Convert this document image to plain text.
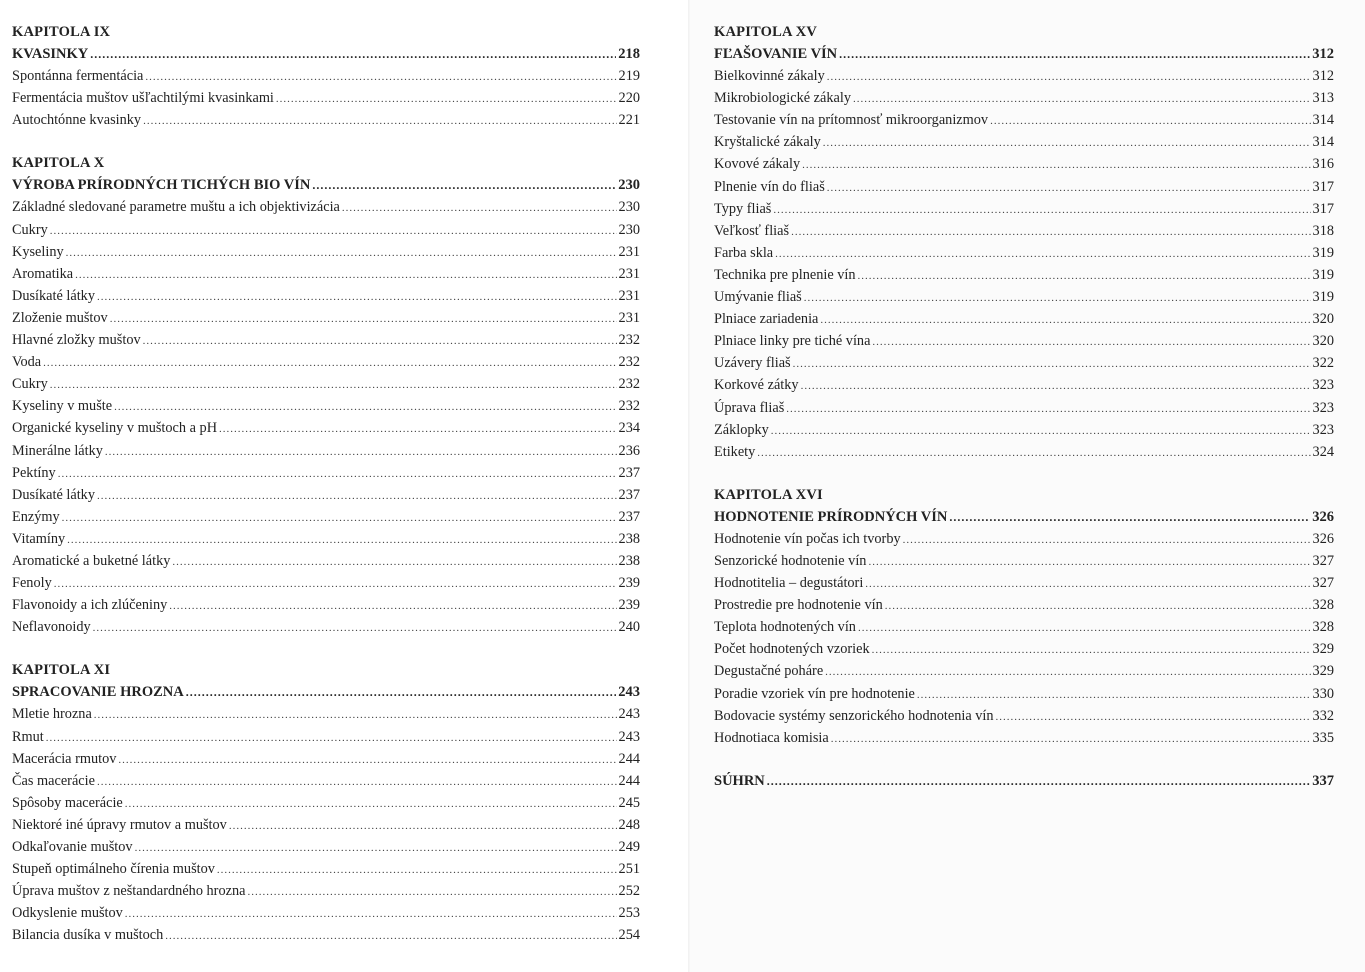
KAPITOLA IX
KVASINKY .....	218
Spontánna fermentácia .....	219
Fermentácia muštov ušľachtilými kvasinkami .....	220
Autochtónne kvasinky .....	221
KAPITOLA X
VÝROBA PRÍRODNÝCH TICHÝCH BIO VÍN .....	230
Základné sledované parametre muštu a ich objektivizácia .....	230
Cukry .....	230
Kyseliny .....	231
Aromatika .....	231
Dusíkaté látky .....	231
Zloženie muštov .....	231
Hlavné zložky muštov .....	232
Voda .....	232
Cukry .....	232
Kyseliny v mušte .....	232
Organické kyseliny v muštoch a pH .....	234
Minerálne látky .....	236
Pektíny .....	237
Dusíkaté látky .....	237
Enzýmy .....	237
Vitamíny .....	238
Aromatické a buketné látky .....	238
Fenoly .....	239
Flavonoidy a ich zlúčeniny .....	239
Neflavonoidy .....	240
KAPITOLA XI
SPRACOVANIE HROZNA .....	243
Mletie hrozna .....	243
Rmut .....	243
Macerácia rmutov .....	244
Čas macerácie .....	244
Spôsoby macerácie .....	245
Niektoré iné úpravy rmutov a muštov .....	248
Odkaľovanie muštov .....	249
Stupeň optimálneho čírenia muštov .....	251
Úprava muštov z neštandardného hrozna .....	252
Odkyslenie muštov .....	253
Bilancia dusíka v muštoch .....	254
KAPITOLA XV
FĽAŠOVANIE VÍN .....	312
Bielkovinné zákaly .....	312
Mikrobiologické zákaly .....	313
Testovanie vín na prítomnosť mikroorganizmov .....	314
Kryštalické zákaly .....	314
Kovové zákaly .....	316
Plnenie vín do fliaš .....	317
Typy fliaš .....	317
Veľkosť fliaš .....	318
Farba skla .....	319
Technika pre plnenie vín .....	319
Umývanie fliaš .....	319
Plniace zariadenia .....	320
Plniace linky pre tiché vína .....	320
Uzávery fliaš .....	322
Korkové zátky .....	323
Úprava fliaš .....	323
Záklopky .....	323
Etikety .....	324
KAPITOLA XVI
HODNOTENIE PRÍRODNÝCH VÍN .....	326
Hodnotenie vín počas ich tvorby .....	326
Senzorické hodnotenie vín .....	327
Hodnotitelia – degustátori .....	327
Prostredie pre hodnotenie vín .....	328
Teplota hodnotených vín .....	328
Počet hodnotených vzoriek .....	329
Degustačné poháre .....	329
Poradie vzoriek vín pre hodnotenie .....	330
Bodovacie systémy senzorického hodnotenia vín .....	332
Hodnotiaca komisia .....	335
SÚHRN .....	337
